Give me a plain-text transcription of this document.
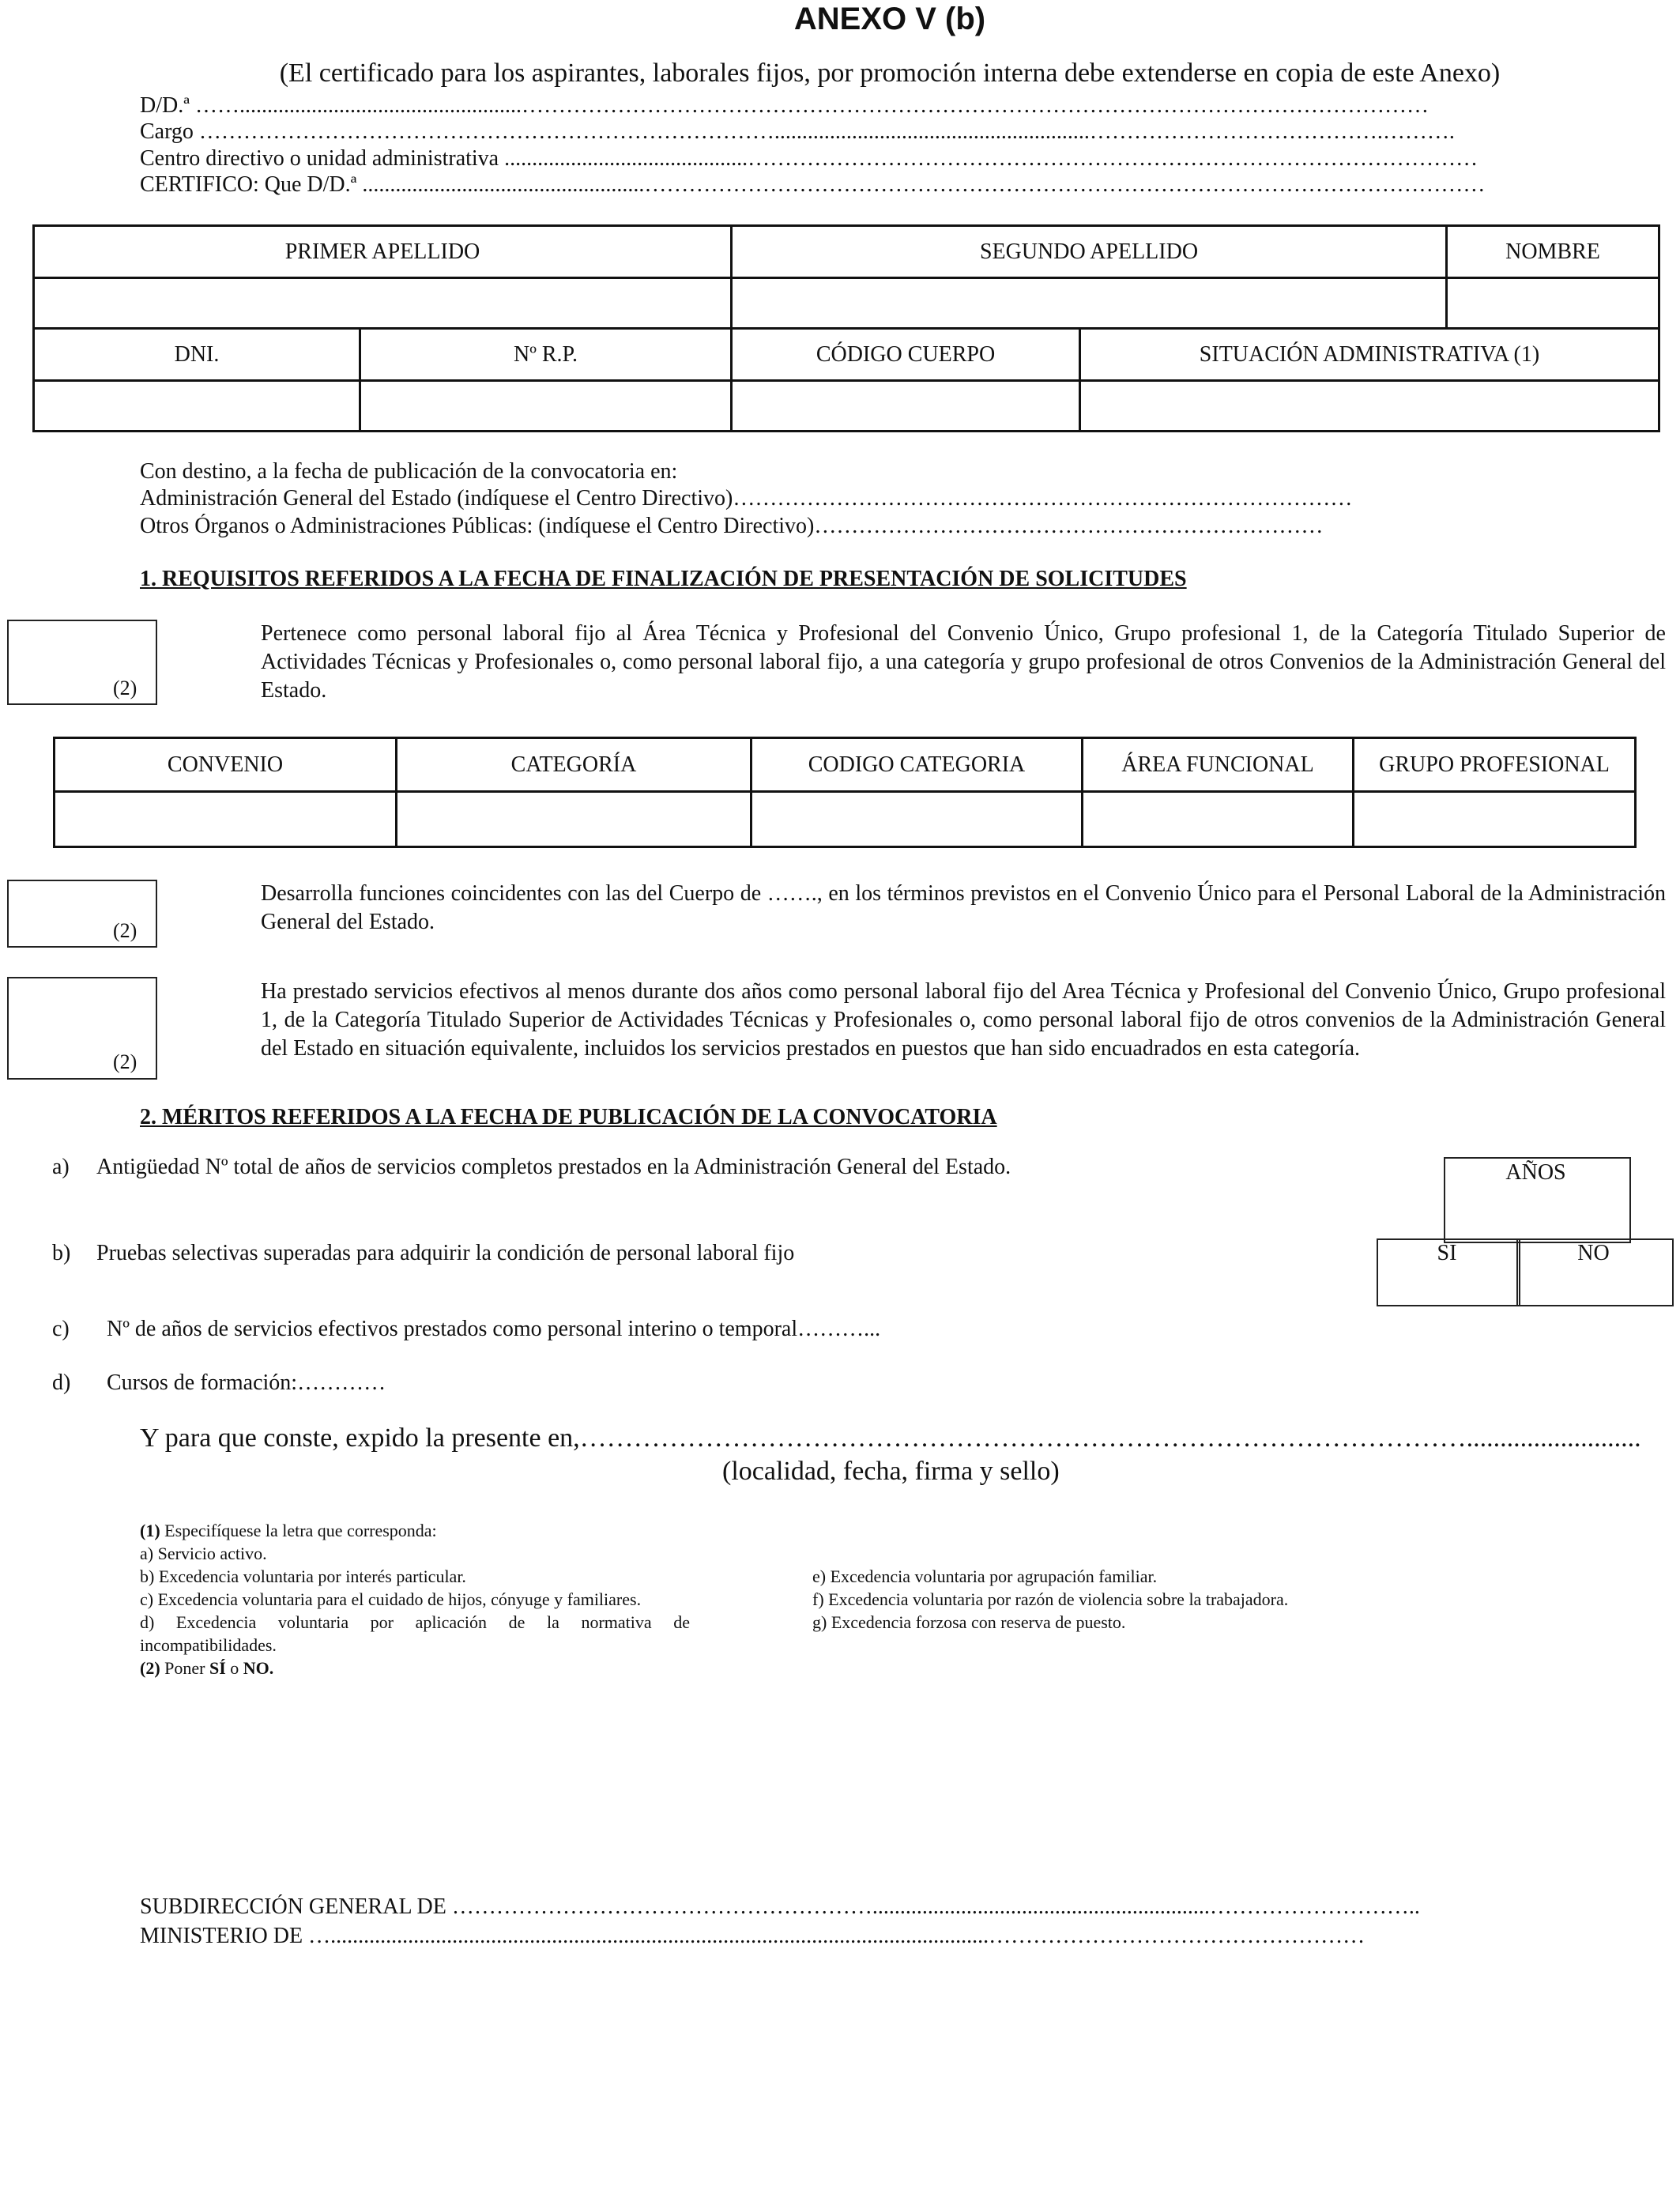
ANEXO V (b)
(El certificado para los aspirantes, laborales fijos, por promoción interna debe extenderse en copia de este Anexo)
D/D.ª ……...................................................……………………………………………………………………………………………………………
Cargo …………………………………………………………………….........................................................………………………………….……….
Centro directivo o unidad administrativa ............................................………………………………………………………………………………………
CERTIFICO: Que D/D.ª ...................................................……………………………………………………………………………………………………
PRIMER APELLIDO		SEGUNDO APELLIDO		NOMBRE

DNI.	Nº R.P.	CÓDIGO CUERPO	SITUACIÓN ADMINISTRATIVA (1)	

Con destino, a la fecha de publicación de la convocatoria en:
Administración General del Estado (indíquese el Centro Directivo)…………………………………………………………………………
Otros Órganos o Administraciones Públicas: (indíquese el Centro Directivo)……………………………………………………………
1. REQUISITOS REFERIDOS A LA FECHA DE FINALIZACIÓN DE PRESENTACIÓN DE SOLICITUDES
(2)
Pertenece como personal laboral fijo al Área Técnica y Profesional del Convenio Único, Grupo profesional 1, de la Categoría Titulado Superior de Actividades Técnicas y Profesionales o, como personal laboral fijo, a una categoría y grupo profesional de otros Convenios de la Administración General del Estado.
CONVENIO	CATEGORÍA	CODIGO CATEGORIA	ÁREA FUNCIONAL	GRUPO PROFESIONAL

(2)
Desarrolla funciones coincidentes con las del Cuerpo de ……., en los términos previstos en el Convenio Único para el Personal Laboral de la Administración General del Estado.
(2)
Ha prestado servicios efectivos al menos durante dos años como personal laboral fijo del Area Técnica y Profesional del Convenio Único, Grupo profesional 1, de la Categoría Titulado Superior de Actividades Técnicas y Profesionales o, como personal laboral fijo de otros convenios de la Administración General del Estado en situación equivalente, incluidos los servicios prestados en puestos que han sido encuadrados en esta categoría.
2. MÉRITOS REFERIDOS A LA FECHA DE PUBLICACIÓN DE LA CONVOCATORIA
a) Antigüedad Nº total de años de servicios completos prestados en la Administración General del Estado.	AÑOS
b) Pruebas selectivas superadas para adquirir la condición de personal laboral fijo	SI	NO
c) Nº de años de servicios efectivos prestados como personal interino o temporal………...
d) Cursos de formación:…………
Y para que conste, expido la presente en,………………………………………………………………………………………..........................
(localidad, fecha, firma y sello)
(1) Especifíquese la letra que corresponda:
a) Servicio activo.
b) Excedencia voluntaria por interés particular.
c) Excedencia voluntaria para el cuidado de hijos, cónyuge y familiares.
d) Excedencia voluntaria por aplicación de la normativa de incompatibilidades.
(2) Poner SÍ o NO.
e) Excedencia voluntaria por agrupación familiar.
f) Excedencia voluntaria por razón de violencia sobre la trabajadora.
g) Excedencia forzosa con reserva de puesto.
SUBDIRECCIÓN GENERAL DE ………………………………………………….............................................................………………………..
MINISTERIO DE ….......................................................................................................................……………………………………………
